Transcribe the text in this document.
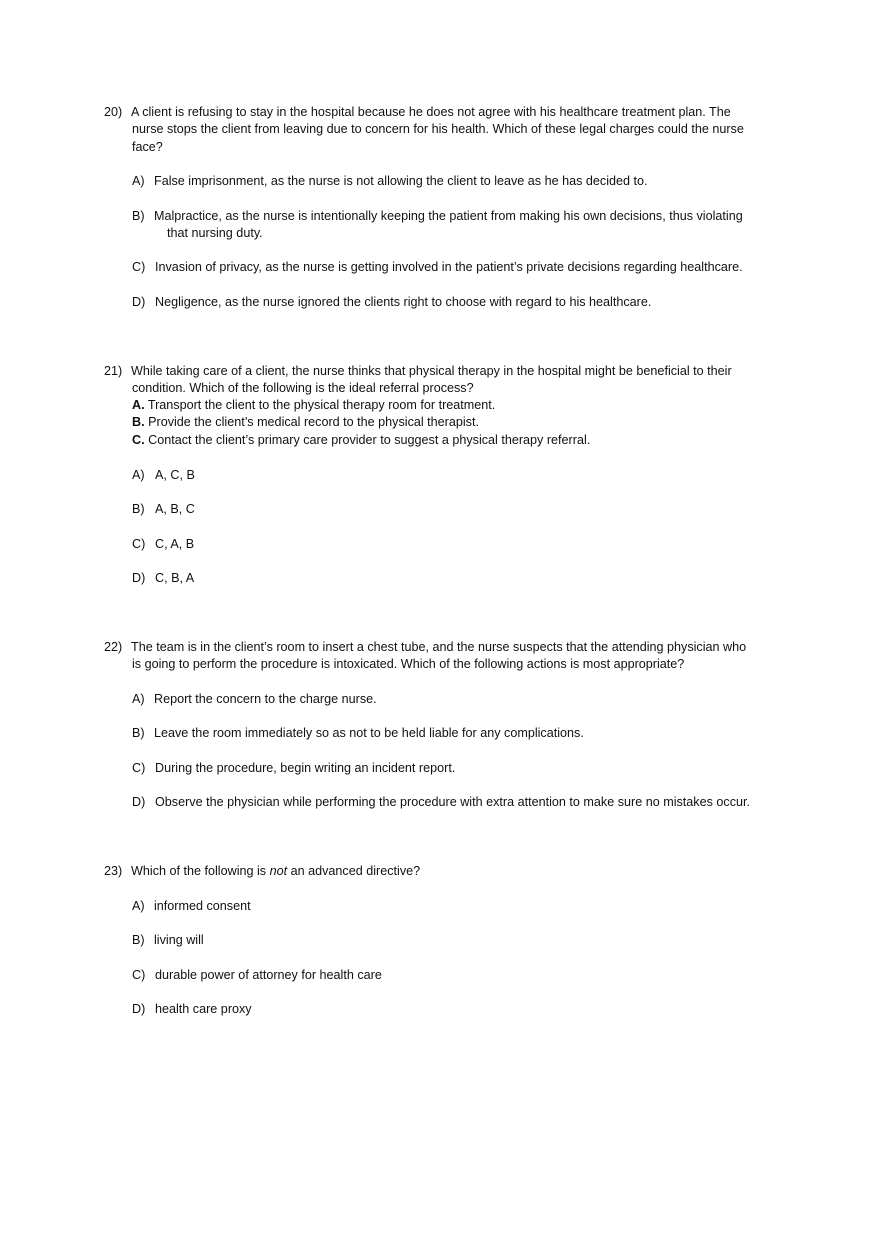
20) A client is refusing to stay in the hospital because he does not agree with his healthcare treatment plan. The
nurse stops the client from leaving due to concern for his health. Which of these legal charges could the nurse
face?
A) False imprisonment, as the nurse is not allowing the client to leave as he has decided to.
B) Malpractice, as the nurse is intentionally keeping the patient from making his own decisions, thus violating
that nursing duty.
C) Invasion of privacy, as the nurse is getting involved in the patient’s private decisions regarding healthcare.
D) Negligence, as the nurse ignored the clients right to choose with regard to his healthcare.
21) While taking care of a client, the nurse thinks that physical therapy in the hospital might be beneficial to their
condition. Which of the following is the ideal referral process?
A. Transport the client to the physical therapy room for treatment.
B. Provide the client’s medical record to the physical therapist.
C. Contact the client’s primary care provider to suggest a physical therapy referral.
A) A, C, B
B) A, B, C
C) C, A, B
D) C, B, A
22) The team is in the client’s room to insert a chest tube, and the nurse suspects that the attending physician who
is going to perform the procedure is intoxicated. Which of the following actions is most appropriate?
A) Report the concern to the charge nurse.
B) Leave the room immediately so as not to be held liable for any complications.
C) During the procedure, begin writing an incident report.
D) Observe the physician while performing the procedure with extra attention to make sure no mistakes occur.
23) Which of the following is not an advanced directive?
A) informed consent
B) living will
C) durable power of attorney for health care
D) health care proxy
